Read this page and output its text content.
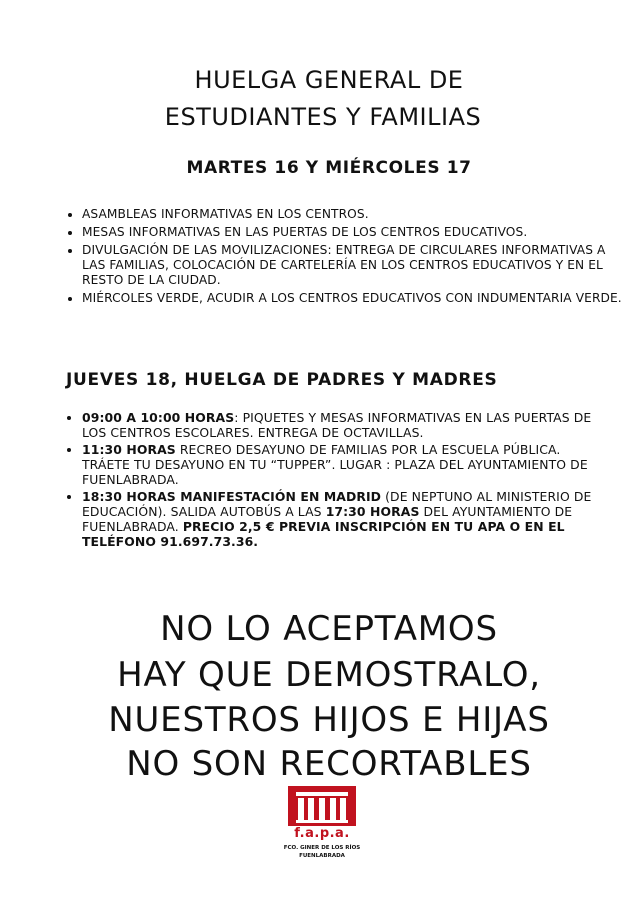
HUELGA GENERAL DE
ESTUDIANTES Y FAMILIAS
MARTES 16 Y MIÉRCOLES 17
• ASAMBLEAS INFORMATIVAS EN LOS CENTROS.
• MESAS INFORMATIVAS EN LAS PUERTAS DE LOS CENTROS EDUCATIVOS.
• DIVULGACIÓN DE LAS MOVILIZACIONES: ENTREGA DE CIRCULARES INFORMATIVAS A LAS FAMILIAS, COLOCACIÓN DE CARTELERÍA EN LOS CENTROS EDUCATIVOS Y EN EL RESTO DE LA CIUDAD.
• MIÉRCOLES VERDE, ACUDIR A LOS CENTROS EDUCATIVOS CON INDUMENTARIA VERDE.
JUEVES 18, HUELGA DE PADRES Y MADRES
• 09:00 A 10:00 HORAS: PIQUETES Y MESAS INFORMATIVAS EN LAS PUERTAS DE LOS CENTROS ESCOLARES. ENTREGA DE OCTAVILLAS.
• 11:30 HORAS RECREO DESAYUNO DE FAMILIAS POR LA ESCUELA PÚBLICA. TRÁETE TU DESAYUNO EN TU “TUPPER”. LUGAR : PLAZA DEL AYUNTAMIENTO DE FUENLABRADA.
• 18:30 HORAS MANIFESTACIÓN EN MADRID (DE NEPTUNO AL MINISTERIO DE EDUCACIÓN). SALIDA AUTOBÚS A LAS 17:30 HORAS DEL AYUNTAMIENTO DE FUENLABRADA. PRECIO 2,5 € PREVIA INSCRIPCIÓN EN TU APA O EN EL TELÉFONO 91.697.73.36.
NO LO ACEPTAMOS
HAY QUE DEMOSTRALO,
NUESTROS HIJOS E HIJAS
NO SON RECORTABLES
f.a.p.a.
FCO. GINER DE LOS RÍOS
FUENLABRADA
